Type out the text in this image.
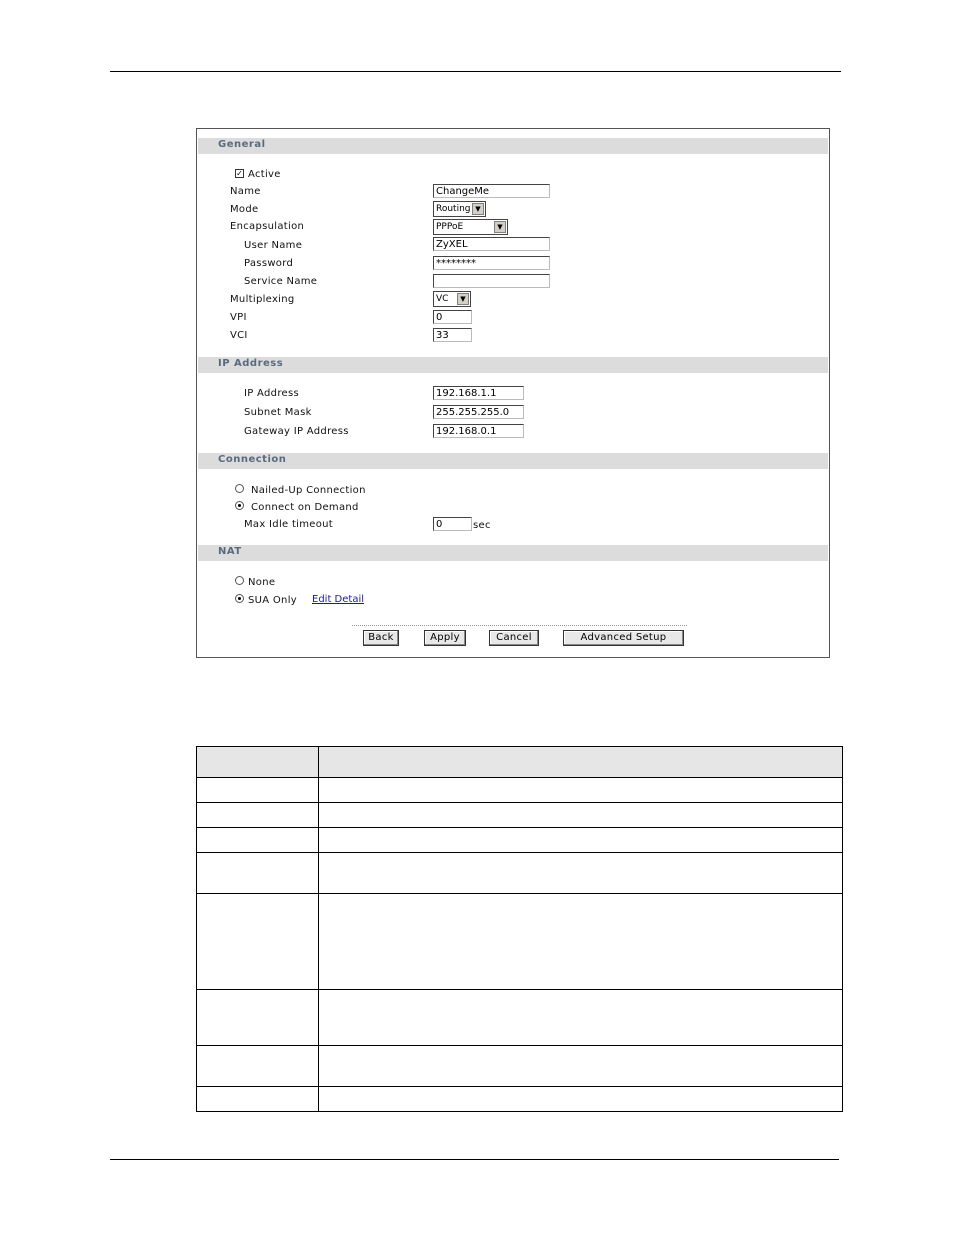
General
✓ Active
Name	ChangeMe
Mode	Routing ▼
Encapsulation	PPPoE	▼
User Name	ZyXEL
Password	********
Service Name
Multiplexing	VC	▼
VPI	0
VCI	33
IP Address
IP Address	192.168.1.1
Subnet Mask	255.255.255.0
Gateway IP Address	192.168.0.1
Connection
Nailed-Up Connection
Connect on Demand
Max Idle timeout	0	sec
NAT
None
SUA Only Edit Detail
Back	Apply	Cancel	Advanced Setup
